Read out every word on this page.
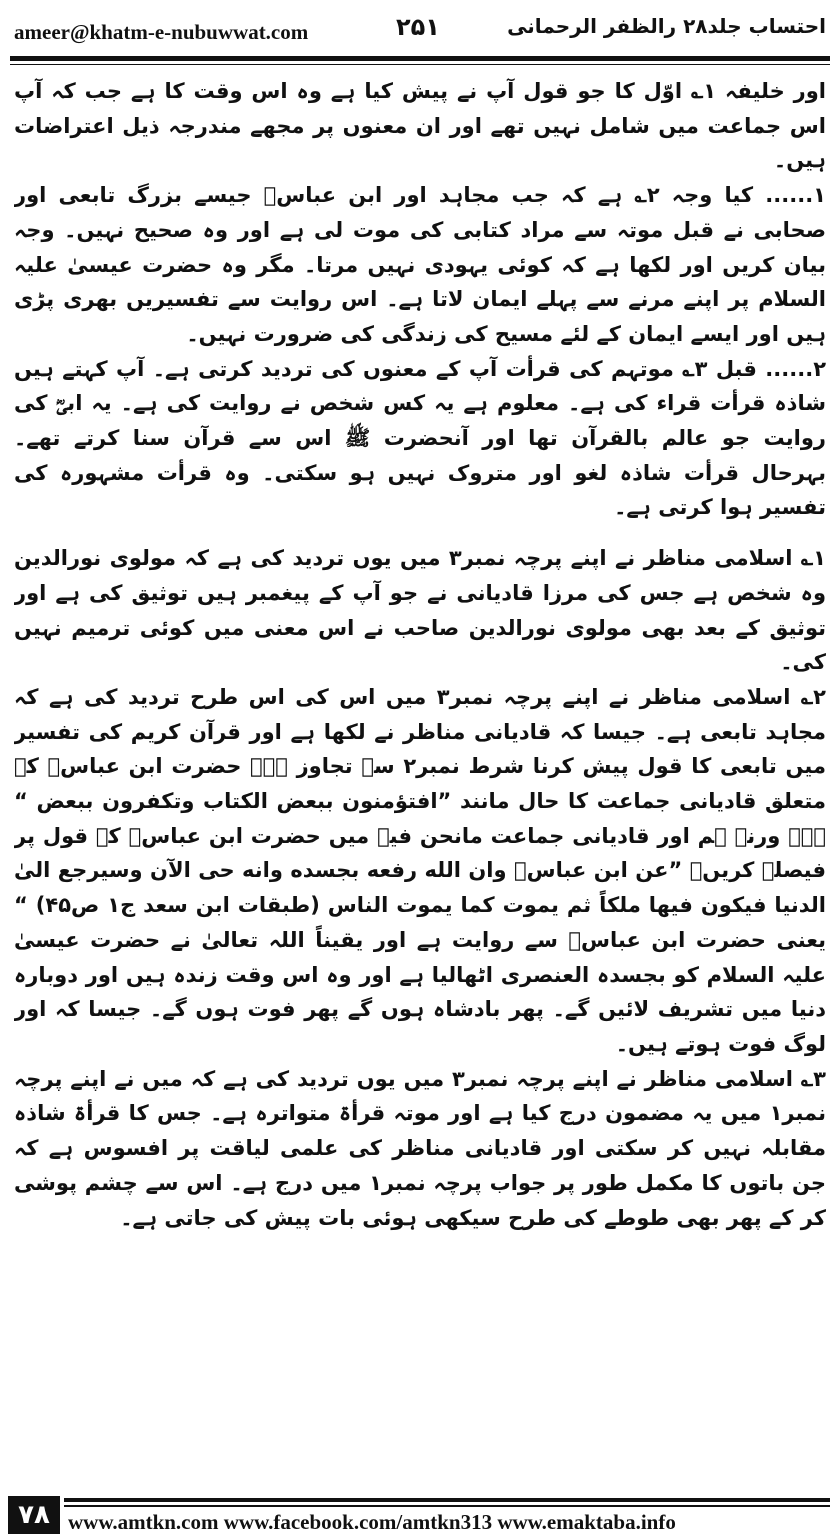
ameer@khatm-e-nubuwwat.com	۲۵۱	احتساب جلد۲۸ رالظفر الرحمانی

اور خلیفہ ۱؎ اوّل کا جو قول آپ نے پیش کیا ہے وہ اس وقت کا ہے جب کہ آپ اس جماعت میں شامل نہیں تھے اور ان معنوں پر مجھے مندرجہ ذیل اعتراضات ہیں۔

۱...... کیا وجہ ۲؎ ہے کہ جب مجاہد اور ابن عباسؓ جیسے بزرگ تابعی اور صحابی نے قبل موتہ سے مراد کتابی کی موت لی ہے اور وہ صحیح نہیں۔ وجہ بیان کریں اور لکھا ہے کہ کوئی یہودی نہیں مرتا۔ مگر وہ حضرت عیسیٰ علیہ السلام پر اپنے مرنے سے پہلے ایمان لاتا ہے۔ اس روایت سے تفسیریں بھری پڑی ہیں اور ایسے ایمان کے لئے مسیح کی زندگی کی ضرورت نہیں۔

۲...... قبل ۳؎ موتہم کی قرأت آپ کے معنوں کی تردید کرتی ہے۔ آپ کہتے ہیں شاذہ قرأت قراء کی ہے۔ معلوم ہے یہ کس شخص نے روایت کی ہے۔ یہ ابیؓ کی روایت جو عالم بالقرآن تھا اور آنحضرت ﷺ اس سے قرآن سنا کرتے تھے۔ بہرحال قرأت شاذہ لغو اور متروک نہیں ہو سکتی۔ وہ قرأت مشہورہ کی تفسیر ہوا کرتی ہے۔

۱؎ اسلامی مناظر نے اپنے پرچہ نمبر۳ میں یوں تردید کی ہے کہ مولوی نورالدین وہ شخص ہے جس کی مرزا قادیانی نے جو آپ کے پیغمبر ہیں توثیق کی ہے اور توثیق کے بعد بھی مولوی نورالدین صاحب نے اس معنی میں کوئی ترمیم نہیں کی۔

۲؎ اسلامی مناظر نے اپنے پرچہ نمبر۳ میں اس کی اس طرح تردید کی ہے کہ مجاہد تابعی ہے۔ جیسا کہ قادیانی مناظر نے لکھا ہے اور قرآن کریم کی تفسیر میں تابعی کا قول پیش کرنا شرط نمبر۲ سے تجاوز ہے۔ حضرت ابن عباسؓ کے متعلق قادیانی جماعت کا حال مانند ”افتؤمنون ببعض الکتاب وتکفرون ببعض “ ہے۔ ورنہ ہم اور قادیانی جماعت مانحن فیہ میں حضرت ابن عباسؓ کے قول پر فیصلہ کریں۔ ”عن ابن عباسؓ وان الله رفعه بجسده وانه حی الآن وسیرجع الیٰ الدنیا فیکون فیها ملکاً ثم یموت کما یموت الناس (طبقات ابن سعد ج۱ ص۴۵) “ یعنی حضرت ابن عباسؓ سے روایت ہے اور یقیناً اللہ تعالیٰ نے حضرت عیسیٰ علیہ السلام کو بجسدہ العنصری اٹھالیا ہے اور وہ اس وقت زندہ ہیں اور دوبارہ دنیا میں تشریف لائیں گے۔ پھر بادشاہ ہوں گے پھر فوت ہوں گے۔ جیسا کہ اور لوگ فوت ہوتے ہیں۔

۳؎ اسلامی مناظر نے اپنے پرچہ نمبر۳ میں یوں تردید کی ہے کہ میں نے اپنے پرچہ نمبر۱ میں یہ مضمون درج کیا ہے اور موتہ قرأۃ متواترہ ہے۔ جس کا قرأۃ شاذہ مقابلہ نہیں کر سکتی اور قادیانی مناظر کی علمی لیاقت پر افسوس ہے کہ جن باتوں کا مکمل طور پر جواب پرچہ نمبر۱ میں درج ہے۔ اس سے چشم پوشی کر کے پھر بھی طوطے کی طرح سیکھی ہوئی بات پیش کی جاتی ہے۔

۷۸ www.amtkn.com www.facebook.com/amtkn313 www.emaktaba.info
